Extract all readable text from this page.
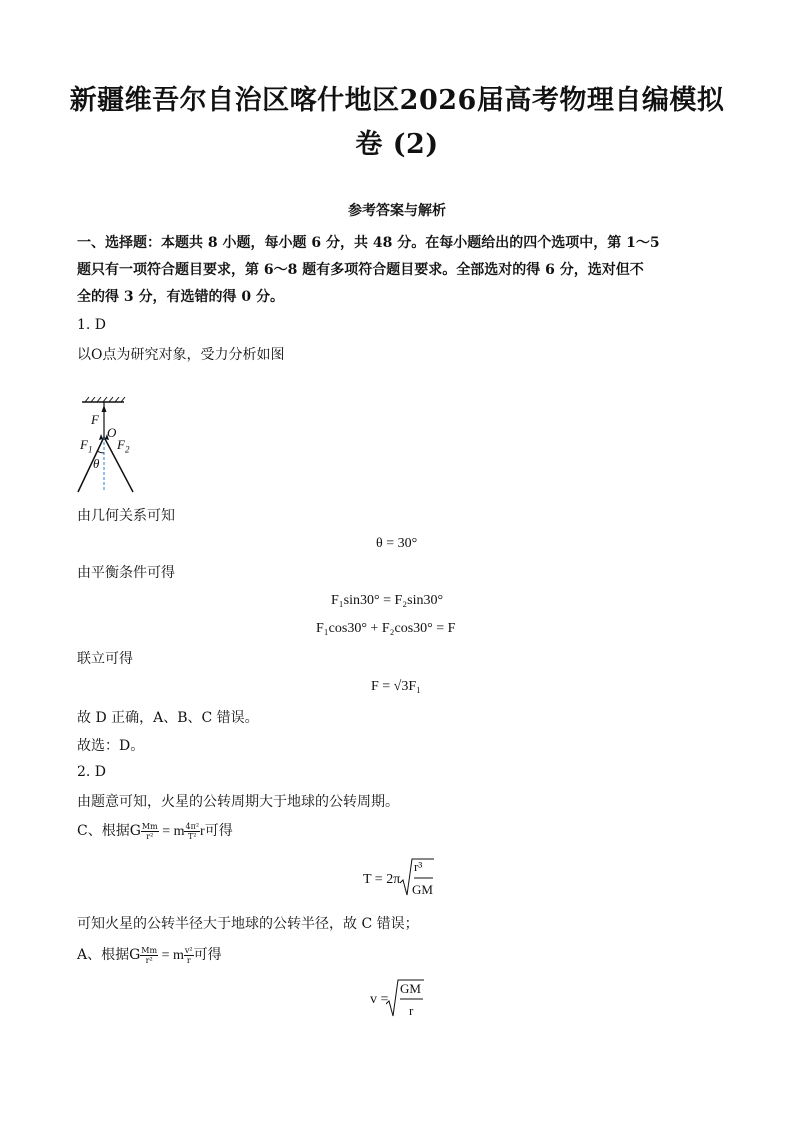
新疆维吾尔自治区喀什地区2026届高考物理自编模拟
卷 (2)
参考答案与解析
一、选择题：本题共 8 小题，每小题 6 分，共 48 分。在每小题给出的四个选项中，第 1～5
题只有一项符合题目要求，第 6～8 题有多项符合题目要求。全部选对的得 6 分，选对但不
全的得 3 分，有选错的得 0 分。
1. D
以O点为研究对象，受力分析如图
F
O
$F_1$ $F_2$
θ
由几何关系可知
θ = 30°
由平衡条件可得
F₁sin30° = F₂sin30°
F₁cos30° + F₂cos30° = F
联立可得
F = √3F₁
故 D 正确，A、B、C 错误。
故选：D。
2. D
由题意可知，火星的公转周期大于地球的公转周期。
C、根据G $\frac{Mm}{\text{r²}} = m \frac{\text{4π²}}{\text{T²}}$ r可得
T = 2π
r³
GM
可知火星的公转半径大于地球的公转半径，故 C 错误；
A、根据G $\frac{Mm}{\text{r²}} = m \frac{\text{v²}}{r}$ 可得
v =
GM
r
